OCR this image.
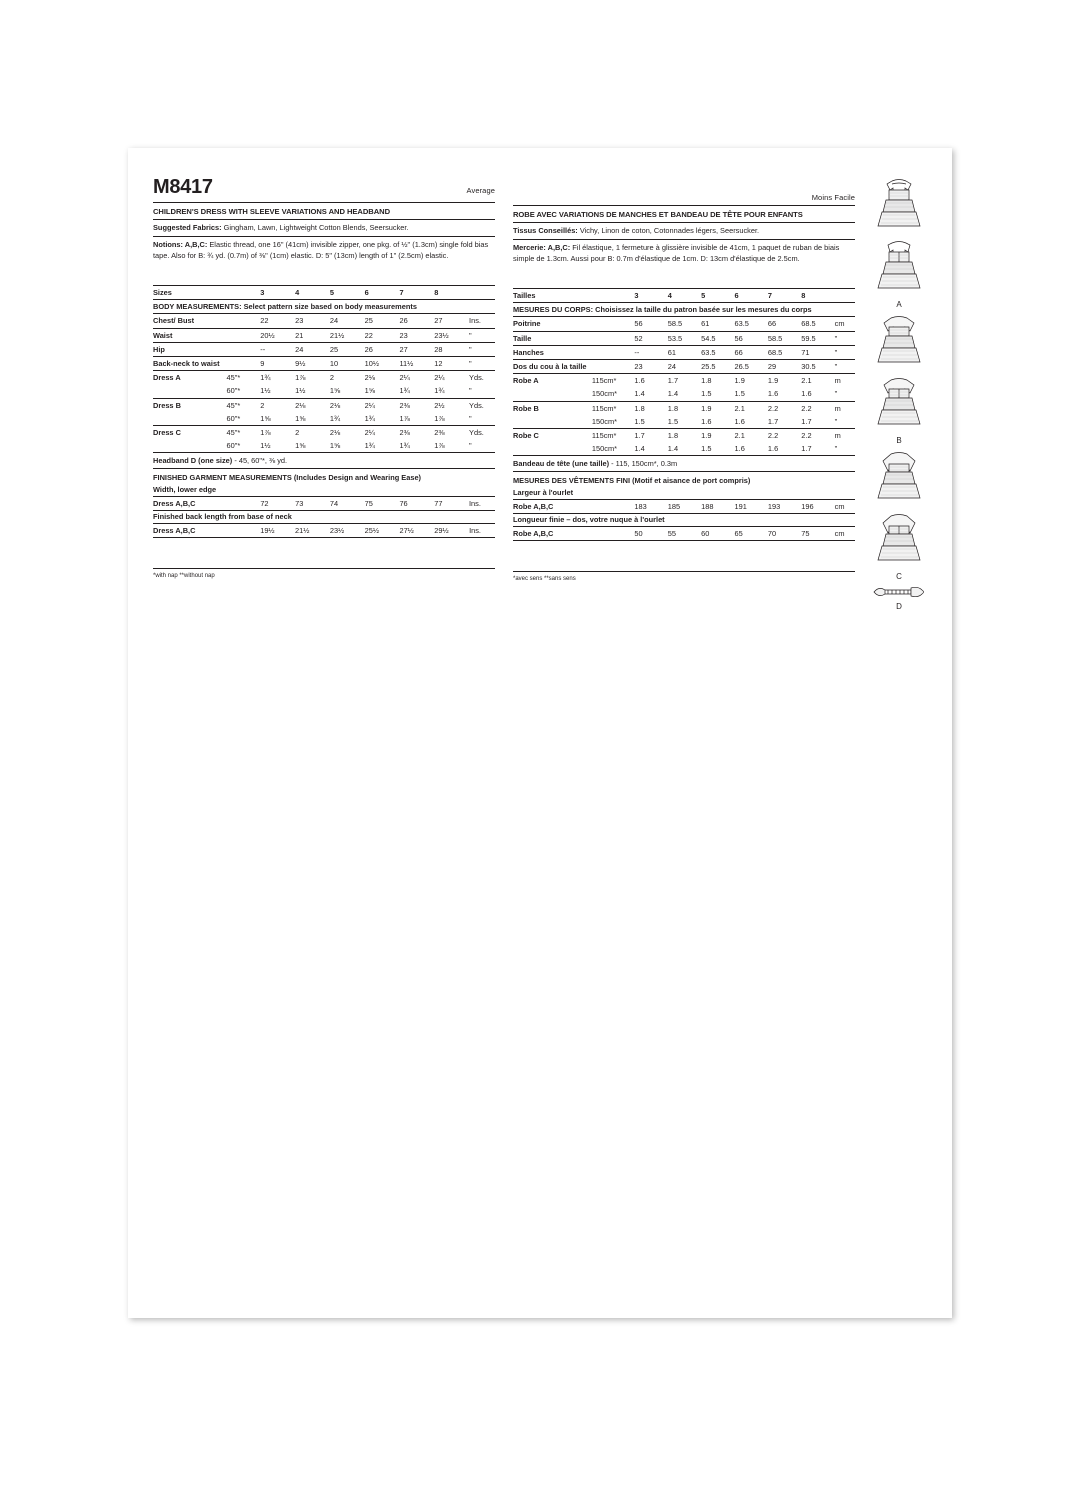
M8417	Average
CHILDREN'S DRESS WITH SLEEVE VARIATIONS AND HEADBAND
Suggested Fabrics: Gingham, Lawn, Lightweight Cotton Blends, Seersucker.
Notions: A,B,C: Elastic thread, one 16" (41cm) invisible zipper, one pkg. of ½" (1.3cm) single fold bias tape. Also for B: ¾ yd. (0.7m) of ⅜" (1cm) elastic. D: 5" (13cm) length of 1" (2.5cm) elastic.
Sizes		3	4	5	6	7	8	
BODY MEASUREMENTS: Select pattern size based on body measurements								
Chest/ Bust		22	23	24	25	26	27	Ins.
Waist		20½	21	21½	22	23	23½	"
Hip		--	24	25	26	27	28	"
Back-neck to waist		9	9½	10	10½	11½	12	"
Dress A	45"*	1¾	1⅞	2	2⅛	2¼	2¼	Yds.
	60"*	1½	1½	1⅝	1⅝	1¾	1¾	"
Dress B	45"*	2	2⅛	2⅛	2¼	2⅜	2½	Yds.
	60"*	1⅝	1⅝	1¾	1¾	1⅞	1⅞	"
Dress C	45"*	1⅞	2	2⅛	2¼	2⅜	2⅜	Yds.
	60"*	1½	1⅝	1⅝	1¾	1¾	1⅞	"
Headband D (one size) - 45, 60"*, ⅜ yd.
FINISHED GARMENT MEASUREMENTS (Includes Design and Wearing Ease)
Width, lower edge
Dress A,B,C		72	73	74	75	76	77	Ins.
Finished back length from base of neck
Dress A,B,C		19½	21½	23½	25½	27½	29½	Ins.
*with nap **without nap
Moins Facile
ROBE AVEC VARIATIONS DE MANCHES ET BANDEAU DE TÊTE POUR ENFANTS
Tissus Conseillés: Vichy, Linon de coton, Cotonnades légers, Seersucker.
Mercerie: A,B,C: Fil élastique, 1 fermeture à glissière invisible de 41cm, 1 paquet de ruban de biais simple de 1.3cm. Aussi pour B: 0.7m d'élastique de 1cm. D: 13cm d'élastique de 2.5cm.
Tailles		3	4	5	6	7	8	
MESURES DU CORPS: Choisissez la taille du patron basée sur les mesures du corps								
Poitrine		56	58.5	61	63.5	66	68.5	cm
Taille		52	53.5	54.5	56	58.5	59.5	"
Hanches		--	61	63.5	66	68.5	71	"
Dos du cou à la taille		23	24	25.5	26.5	29	30.5	"
Robe A	115cm*	1.6	1.7	1.8	1.9	1.9	2.1	m
	150cm*	1.4	1.4	1.5	1.5	1.6	1.6	"
Robe B	115cm*	1.8	1.8	1.9	2.1	2.2	2.2	m
	150cm*	1.5	1.5	1.6	1.6	1.7	1.7	"
Robe C	115cm*	1.7	1.8	1.9	2.1	2.2	2.2	m
	150cm*	1.4	1.4	1.5	1.6	1.6	1.7	"
Bandeau de tête (une taille) - 115, 150cm*, 0.3m
MESURES DES VÊTEMENTS FINI (Motif et aisance de port compris)
Largeur à l'ourlet
Robe A,B,C		183	185	188	191	193	196	cm
Longueur finie – dos, votre nuque à l'ourlet
Robe A,B,C		50	55	60	65	70	75	cm
*avec sens **sans sens
A
B
C
D
